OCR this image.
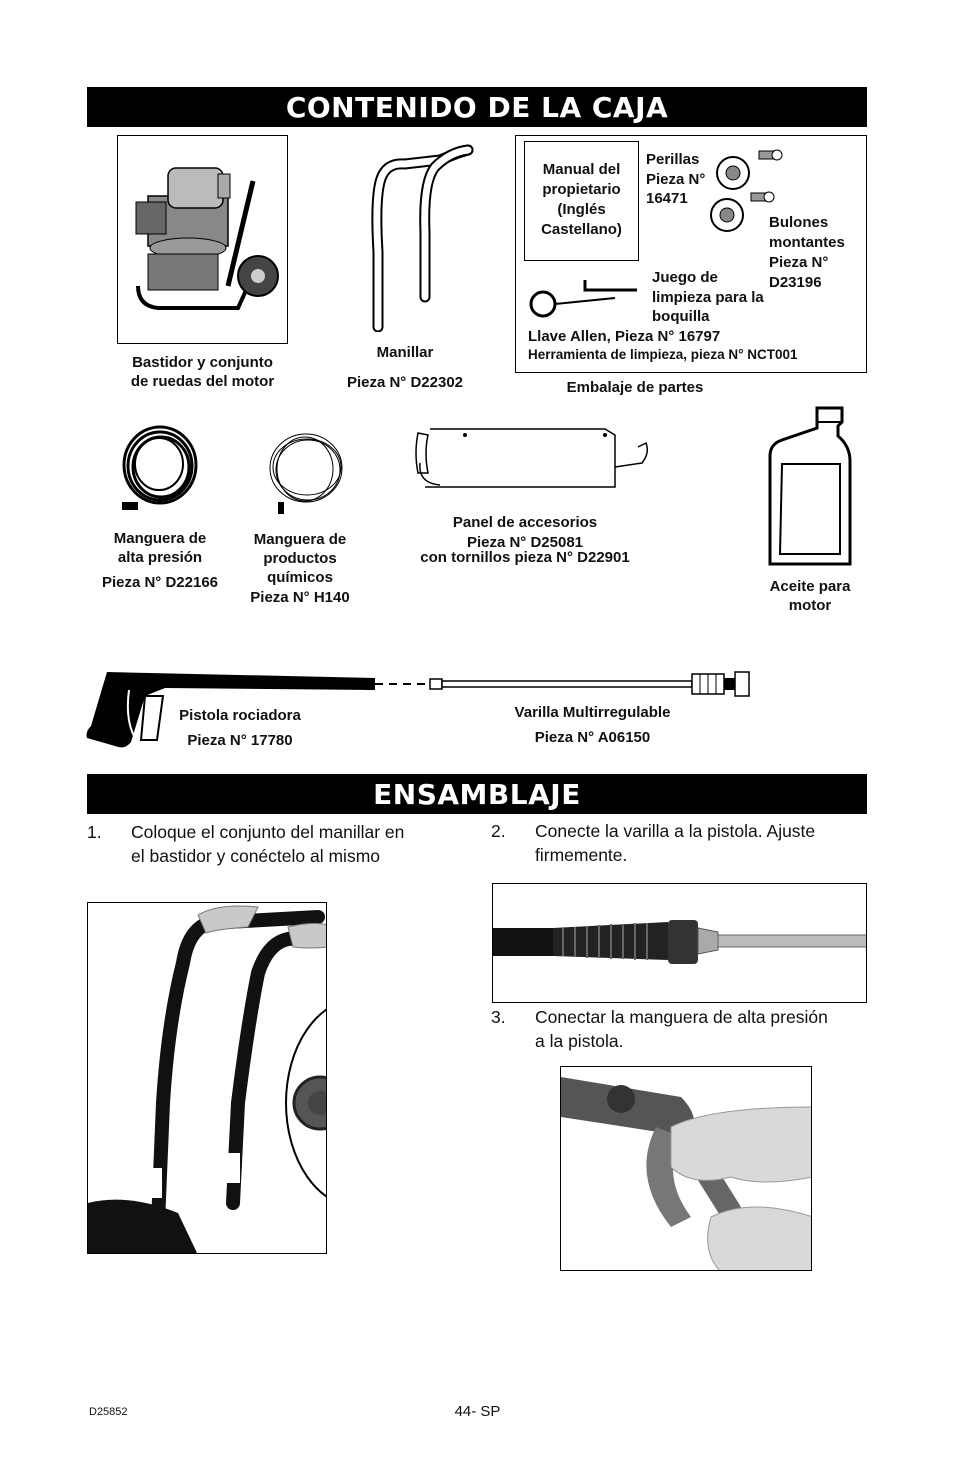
CONTENIDO DE LA CAJA
Bastidor y conjunto
de ruedas del motor
Manillar
Pieza N° D22302
Manual del
propietario
(Inglés
Castellano)
Perillas
Pieza N°
16471
Bulones
montantes
Pieza N°
D23196
Juego de
limpieza para la
boquilla
Llave Allen, Pieza N° 16797
Herramienta de limpieza, pieza N° NCT001
Embalaje de partes
Manguera de
alta presión
Pieza N° D22166
Manguera de
productos
químicos
Pieza N° H140
Panel de accesorios
Pieza N° D25081
con tornillos pieza N° D22901
Aceite para
motor
Pistola rociadora
Pieza N° 17780
Varilla Multirregulable
Pieza N° A06150
ENSAMBLAJE
1. Coloque el conjunto del manillar en
el bastidor y conéctelo al mismo
2. Conecte la varilla a la pistola. Ajuste
firmemente.
3. Conectar la manguera de alta presión
a la pistola.
D25852	44- SP
